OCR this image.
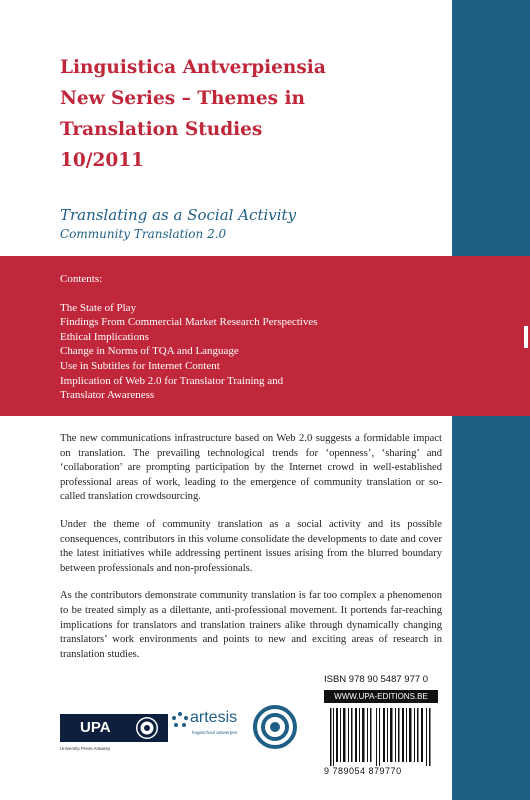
Linguistica Antverpiensia
New Series – Themes in
Translation Studies
10/2011
Translating as a Social Activity
Community Translation 2.0
Contents:
The State of Play
Findings From Commercial Market Research Perspectives
Ethical Implications
Change in Norms of TQA and Language
Use in Subtitles for Internet Content
Implication of Web 2.0 for Translator Training and
Translator Awareness

The new communications infrastructure based on Web 2.0 suggests a formidable impact on translation. The prevailing technological trends for ‘openness’, ‘sharing’ and ‘collaboration’ are prompting participation by the Internet crowd in well-established professional areas of work, leading to the emergence of community translation or so-called translation crowdsourcing.

Under the theme of community translation as a social activity and its possible consequences, contributors in this volume consolidate the developments to date and cover the latest initiatives while addressing pertinent issues arising from the blurred boundary between professionals and non-professionals.

As the contributors demonstrate community translation is far too complex a phenomenon to be treated simply as a dilettante, anti-professional movement. It portends far-reaching implications for translators and translation trainers alike through dynamically changing translators’ work environments and points to new and exciting areas of research in translation studies.

UPA
University Press Antwerp
artesis
hogeschool antwerpen
ISBN 978 90 5487 977 0
WWW.UPA-EDITIONS.BE
9 789054 879770
